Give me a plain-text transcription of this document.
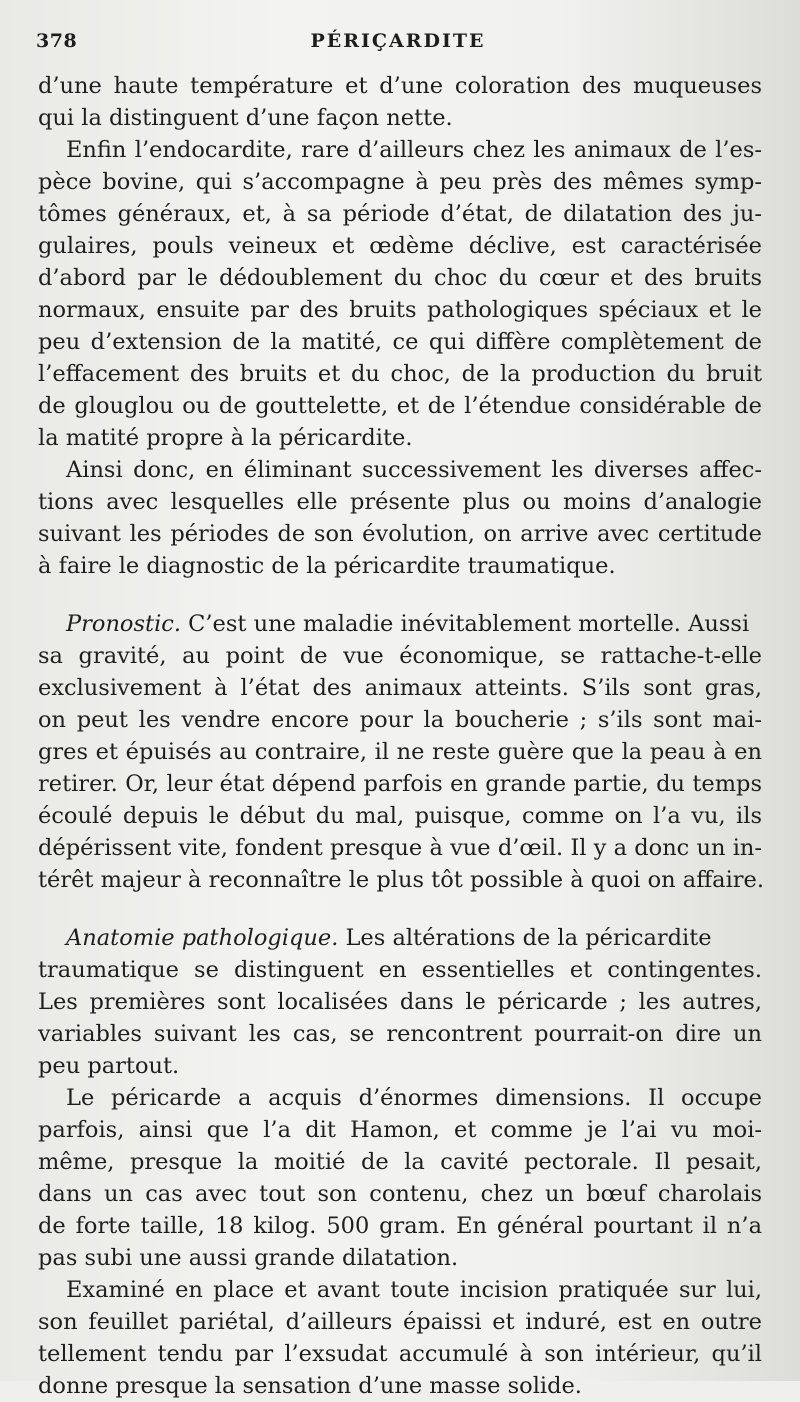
378	PÉRIÇARDITE
d’une haute température et d’une coloration des muqueuses
qui la distinguent d’une façon nette.
Enfin l’endocardite, rare d’ailleurs chez les animaux de l’es-
pèce bovine, qui s’accompagne à peu près des mêmes symp-
tômes généraux, et, à sa période d’état, de dilatation des ju-
gulaires, pouls veineux et œdème déclive, est caractérisée
d’abord par le dédoublement du choc du cœur et des bruits
normaux, ensuite par des bruits pathologiques spéciaux et le
peu d’extension de la matité, ce qui diffère complètement de
l’effacement des bruits et du choc, de la production du bruit
de glouglou ou de gouttelette, et de l’étendue considérable de
la matité propre à la péricardite.
Ainsi donc, en éliminant successivement les diverses affec-
tions avec lesquelles elle présente plus ou moins d’analogie
suivant les périodes de son évolution, on arrive avec certitude
à faire le diagnostic de la péricardite traumatique.
Pronostic. C’est une maladie inévitablement mortelle. Aussi
sa gravité, au point de vue économique, se rattache-t-elle
exclusivement à l’état des animaux atteints. S’ils sont gras,
on peut les vendre encore pour la boucherie ; s’ils sont mai-
gres et épuisés au contraire, il ne reste guère que la peau à en
retirer. Or, leur état dépend parfois en grande partie, du temps
écoulé depuis le début du mal, puisque, comme on l’a vu, ils
dépérissent vite, fondent presque à vue d’œil. Il y a donc un in-
térêt majeur à reconnaître le plus tôt possible à quoi on affaire.
Anatomie pathologique. Les altérations de la péricardite
traumatique se distinguent en essentielles et contingentes.
Les premières sont localisées dans le péricarde ; les autres,
variables suivant les cas, se rencontrent pourrait-on dire un
peu partout.
Le péricarde a acquis d’énormes dimensions. Il occupe
parfois, ainsi que l’a dit Hamon, et comme je l’ai vu moi-
même, presque la moitié de la cavité pectorale. Il pesait,
dans un cas avec tout son contenu, chez un bœuf charolais
de forte taille, 18 kilog. 500 gram. En général pourtant il n’a
pas subi une aussi grande dilatation.
Examiné en place et avant toute incision pratiquée sur lui,
son feuillet pariétal, d’ailleurs épaissi et induré, est en outre
tellement tendu par l’exsudat accumulé à son intérieur, qu’il
donne presque la sensation d’une masse solide.
